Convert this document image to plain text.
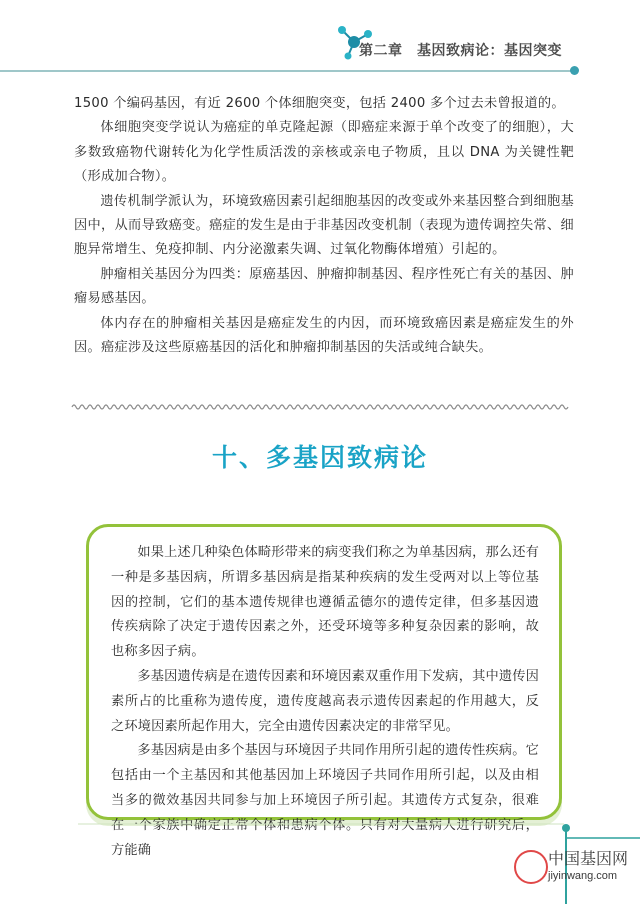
第二章　基因致病论：基因突变

1500 个编码基因，有近 2600 个体细胞突变，包括 2400 多个过去未曾报道的。

体细胞突变学说认为癌症的单克隆起源（即癌症来源于单个改变了的细胞），大多数致癌物代谢转化为化学性质活泼的亲核或亲电子物质，且以 DNA 为关键性靶（形成加合物）。

遗传机制学派认为，环境致癌因素引起细胞基因的改变或外来基因整合到细胞基因中，从而导致癌变。癌症的发生是由于非基因改变机制（表现为遗传调控失常、细胞异常增生、免疫抑制、内分泌激素失调、过氧化物酶体增殖）引起的。

肿瘤相关基因分为四类：原癌基因、肿瘤抑制基因、程序性死亡有关的基因、肿瘤易感基因。

体内存在的肿瘤相关基因是癌症发生的内因，而环境致癌因素是癌症发生的外因。癌症涉及这些原癌基因的活化和肿瘤抑制基因的失活或纯合缺失。

十、多基因致病论

如果上述几种染色体畸形带来的病变我们称之为单基因病，那么还有一种是多基因病，所谓多基因病是指某种疾病的发生受两对以上等位基因的控制，它们的基本遗传规律也遵循孟德尔的遗传定律，但多基因遗传疾病除了决定于遗传因素之外，还受环境等多种复杂因素的影响，故也称多因子病。

多基因遗传病是在遗传因素和环境因素双重作用下发病，其中遗传因素所占的比重称为遗传度，遗传度越高表示遗传因素起的作用越大，反之环境因素所起作用大，完全由遗传因素决定的非常罕见。

多基因病是由多个基因与环境因子共同作用所引起的遗传性疾病。它包括由一个主基因和其他基因加上环境因子共同作用所引起，以及由相当多的微效基因共同参与加上环境因子所引起。其遗传方式复杂，很难在一个家族中确定正常个体和患病个体。只有对大量病人进行研究后，方能确	中国基因网
jiyinwang.com
